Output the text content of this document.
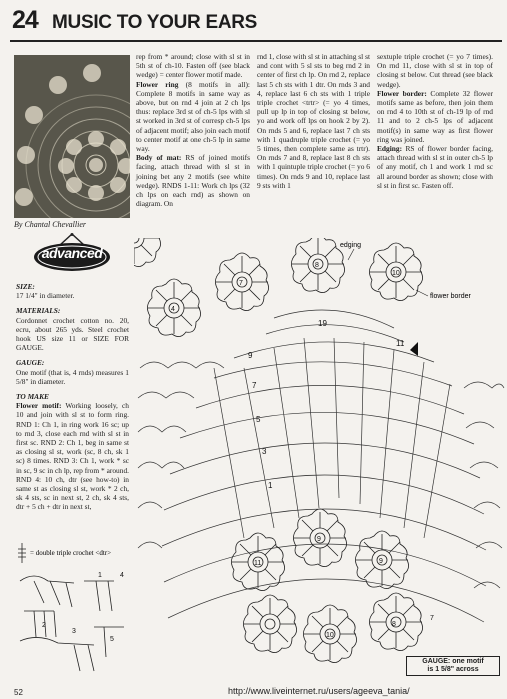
24 MUSIC TO YOUR EARS
By Chantal Chevallier
advanced

SIZE:

17 1/4" in diameter.

MATERIALS:

Cordonnet crochet cotton no. 20, ecru, about 265 yds. Steel crochet hook US size 11 or SIZE FOR GAUGE.

GAUGE:

One motif (that is, 4 rnds) measures 1 5/8" in diameter.

TO MAKE

Flower motif: Working loosely, ch 10 and join with sl st to form ring. RND 1: Ch 1, in ring work 16 sc; up to rnd 3, close each rnd with sl st in first sc. RND 2: Ch 1, beg in same st as closing sl st, work (sc, 8 ch, sk 1 sc) 8 times. RND 3: Ch 1, work * sc in sc, 9 sc in ch lp, rep from * around. RND 4: 10 ch, dtr (see how-to) in same st as closing sl st, work * 2 ch, sk 4 sts, sc in next st, 2 ch, sk 4 sts, dtr + 5 ch + dtr in next st,

rep from * around; close with sl st in 5th st of ch-10. Fasten off (see black wedge) = center flower motif made.

Flower ring (8 motifs in all): Complete 8 motifs in same way as above, but on rnd 4 join at 2 ch lps thus: replace 3rd st of ch-5 lps with sl st worked in 3rd st of corresp ch-5 lps of adjacent motif; also join each motif to center motif at one ch-5 lp in same way.

Body of mat: RS of joined motifs facing, attach thread with sl st in joining bet any 2 motifs (see white wedge). RNDS 1-11: Work ch lps (32 ch lps on each rnd) as shown on diagram. On

rnd 1, close with sl st in attaching sl st and cont with 5 sl sts to beg rnd 2 in center of first ch lp. On rnd 2, replace last 5 ch sts with 1 dtr. On rnds 3 and 4, replace last 6 ch sts with 1 triple triple crochet <trtr> (= yo 4 times, pull up lp in top of closing st below, yo and work off lps on hook 2 by 2). On rnds 5 and 6, replace last 7 ch sts with 1 quadruple triple crochet (= yo 5 times, then complete same as trtr). On rnds 7 and 8, replace last 8 ch sts with 1 quintuple triple crochet (= yo 6 times). On rnds 9 and 10, replace last 9 sts with 1

sextuple triple crochet (= yo 7 times). On rnd 11, close with sl st in top of closing st below. Cut thread (see black wedge).

Flower border: Complete 32 flower motifs same as before, then join them on rnd 4 to 10th st of ch-19 lp of rnd 11 and to 2 ch-5 lps of adjacent motif(s) in same way as first flower ring was joined.

Edging: RS of flower border facing, attach thread with sl st in outer ch-5 lp of any motif, ch 1 and work 1 rnd sc all around border as shown; close with sl st in first sc. Fasten off.

edging
flower border
19
11
9
7
5
3
1
4
7
8
10
11
9
10
9
7
8
= double triple crochet <dtr>
1
2
3
4
5
GAUGE: one motif
is 1 5/8" across
52	http://www.liveinternet.ru/users/ageeva_tania/
